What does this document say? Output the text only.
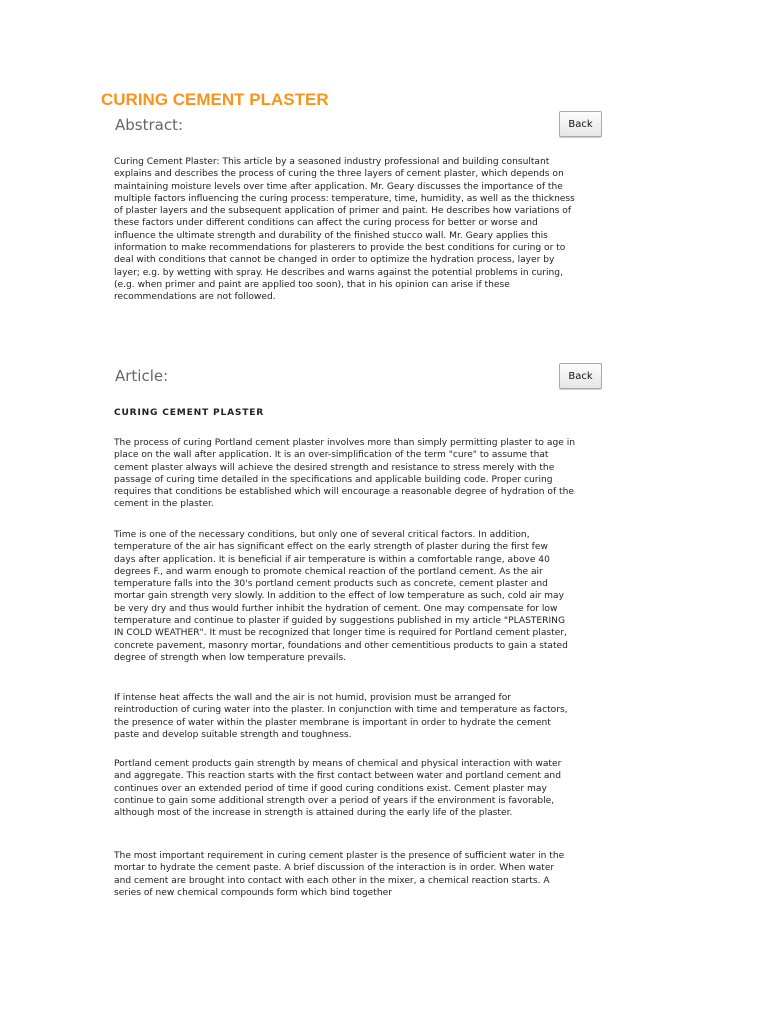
CURING CEMENT PLASTER
Abstract:	Back

Curing Cement Plaster: This article by a seasoned industry professional and building consultant explains and describes the process of curing the three layers of cement plaster, which depends on maintaining moisture levels over time after application. Mr. Geary discusses the importance of the multiple factors influencing the curing process: temperature, time, humidity, as well as the thickness of plaster layers and the subsequent application of primer and paint. He describes how variations of these factors under different conditions can affect the curing process for better or worse and influence the ultimate strength and durability of the finished stucco wall. Mr. Geary applies this information to make recommendations for plasterers to provide the best conditions for curing or to deal with conditions that cannot be changed in order to optimize the hydration process, layer by layer; e.g. by wetting with spray. He describes and warns against the potential problems in curing, (e.g. when primer and paint are applied too soon), that in his opinion can arise if these recommendations are not followed.

Article:	Back
CURING CEMENT PLASTER

The process of curing Portland cement plaster involves more than simply permitting plaster to age in place on the wall after application. It is an over-simplification of the term "cure" to assume that cement plaster always will achieve the desired strength and resistance to stress merely with the passage of curing time detailed in the specifications and applicable building code. Proper curing requires that conditions be established which will encourage a reasonable degree of hydration of the cement in the plaster.

Time is one of the necessary conditions, but only one of several critical factors. In addition, temperature of the air has significant effect on the early strength of plaster during the first few days after application. It is beneficial if air temperature is within a comfortable range, above 40 degrees F., and warm enough to promote chemical reaction of the portland cement. As the air temperature falls into the 30's portland cement products such as concrete, cement plaster and mortar gain strength very slowly. In addition to the effect of low temperature as such, cold air may be very dry and thus would further inhibit the hydration of cement. One may compensate for low temperature and continue to plaster if guided by suggestions published in my article "PLASTERING IN COLD WEATHER". It must be recognized that longer time is required for Portland cement plaster, concrete pavement, masonry mortar, foundations and other cementitious products to gain a stated degree of strength when low temperature prevails.

If intense heat affects the wall and the air is not humid, provision must be arranged for reintroduction of curing water into the plaster. In conjunction with time and temperature as factors, the presence of water within the plaster membrane is important in order to hydrate the cement paste and develop suitable strength and toughness.

Portland cement products gain strength by means of chemical and physical interaction with water and aggregate. This reaction starts with the first contact between water and portland cement and continues over an extended period of time if good curing conditions exist. Cement plaster may continue to gain some additional strength over a period of years if the environment is favorable, although most of the increase in strength is attained during the early life of the plaster.

The most important requirement in curing cement plaster is the presence of sufficient water in the mortar to hydrate the cement paste. A brief discussion of the interaction is in order. When water and cement are brought into contact with each other in the mixer, a chemical reaction starts. A series of new chemical compounds form which bind together
